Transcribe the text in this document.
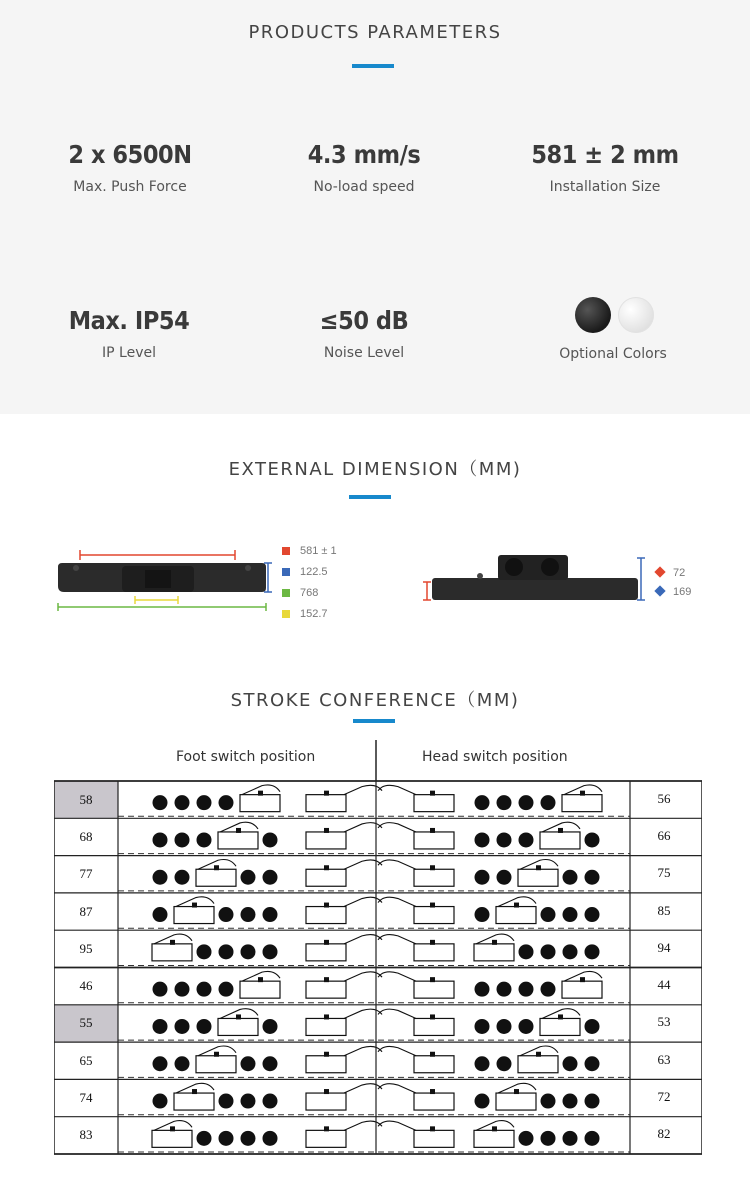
PRODUCTS PARAMETERS
2 x 6500N
Max. Push Force
4.3 mm/s
No-load speed
581 ± 2 mm
Installation Size
Max. IP54
IP Level
≤50 dB
Noise Level	Optional Colors
EXTERNAL DIMENSION（MM)
581 ± 1
122.5
768
152.7
72
169
STROKE CONFERENCE（MM)
Foot switch position	Head switch position
58	56
68	66
77	75
87	85
95	94
46	44
55	53
65	63
74	72
83	82
